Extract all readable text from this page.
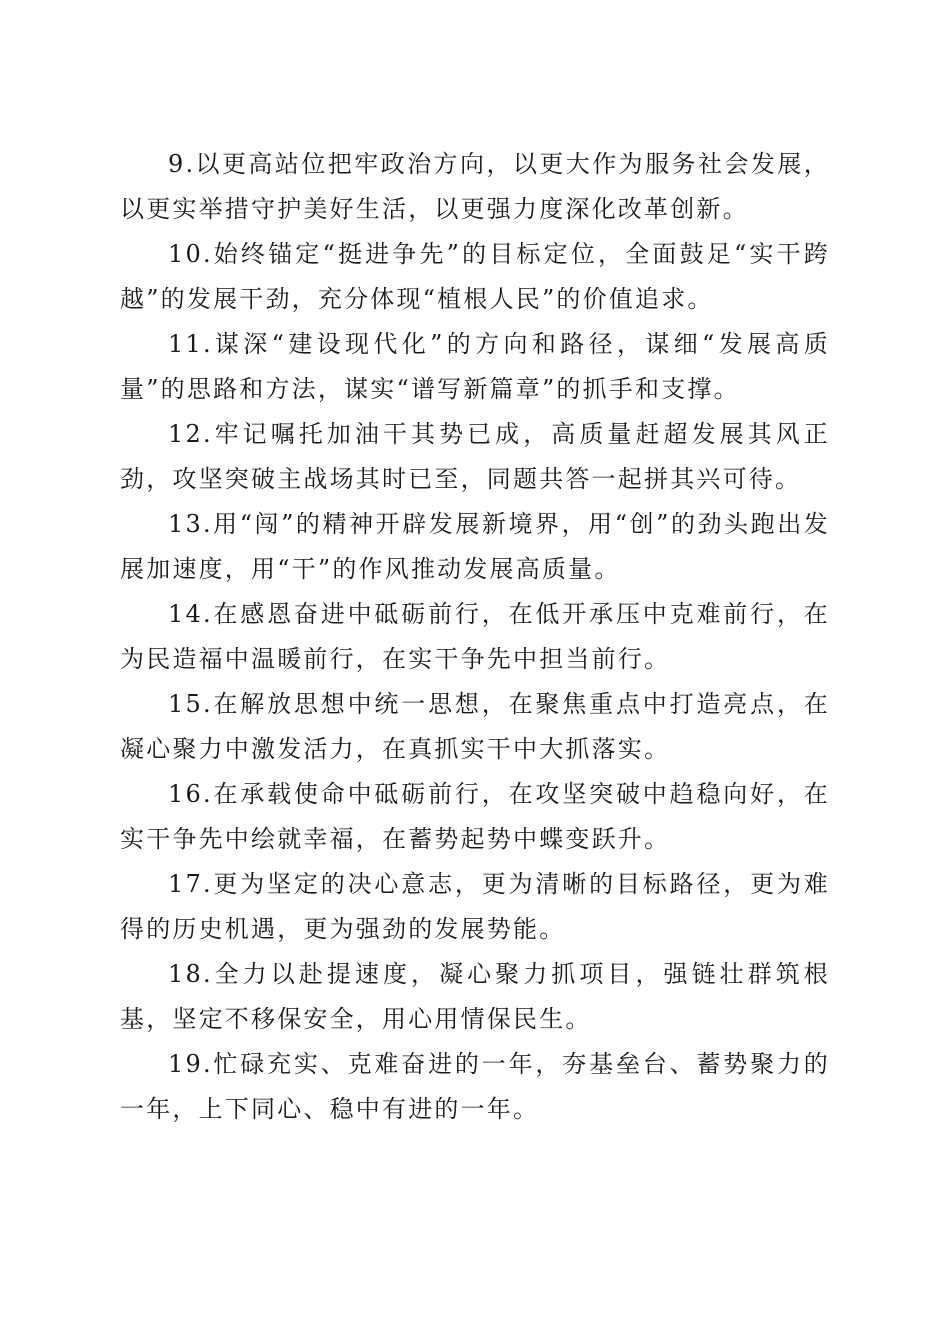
9.以更高站位把牢政治方向，以更大作为服务社会发展，以更实举措守护美好生活，以更强力度深化改革创新。

10.始终锚定“挺进争先”的目标定位，全面鼓足“实干跨越”的发展干劲，充分体现“植根人民”的价值追求。

11.谋深“建设现代化”的方向和路径，谋细“发展高质量”的思路和方法，谋实“谱写新篇章”的抓手和支撑。

12.牢记嘱托加油干其势已成，高质量赶超发展其风正劲，攻坚突破主战场其时已至，同题共答一起拼其兴可待。

13.用“闯”的精神开辟发展新境界，用“创”的劲头跑出发展加速度，用“干”的作风推动发展高质量。

14.在感恩奋进中砥砺前行，在低开承压中克难前行，在为民造福中温暖前行，在实干争先中担当前行。

15.在解放思想中统一思想，在聚焦重点中打造亮点，在凝心聚力中激发活力，在真抓实干中大抓落实。

16.在承载使命中砥砺前行，在攻坚突破中趋稳向好，在实干争先中绘就幸福，在蓄势起势中蝶变跃升。

17.更为坚定的决心意志，更为清晰的目标路径，更为难得的历史机遇，更为强劲的发展势能。

18.全力以赴提速度，凝心聚力抓项目，强链壮群筑根基，坚定不移保安全，用心用情保民生。

19.忙碌充实、克难奋进的一年，夯基垒台、蓄势聚力的一年，上下同心、稳中有进的一年。
